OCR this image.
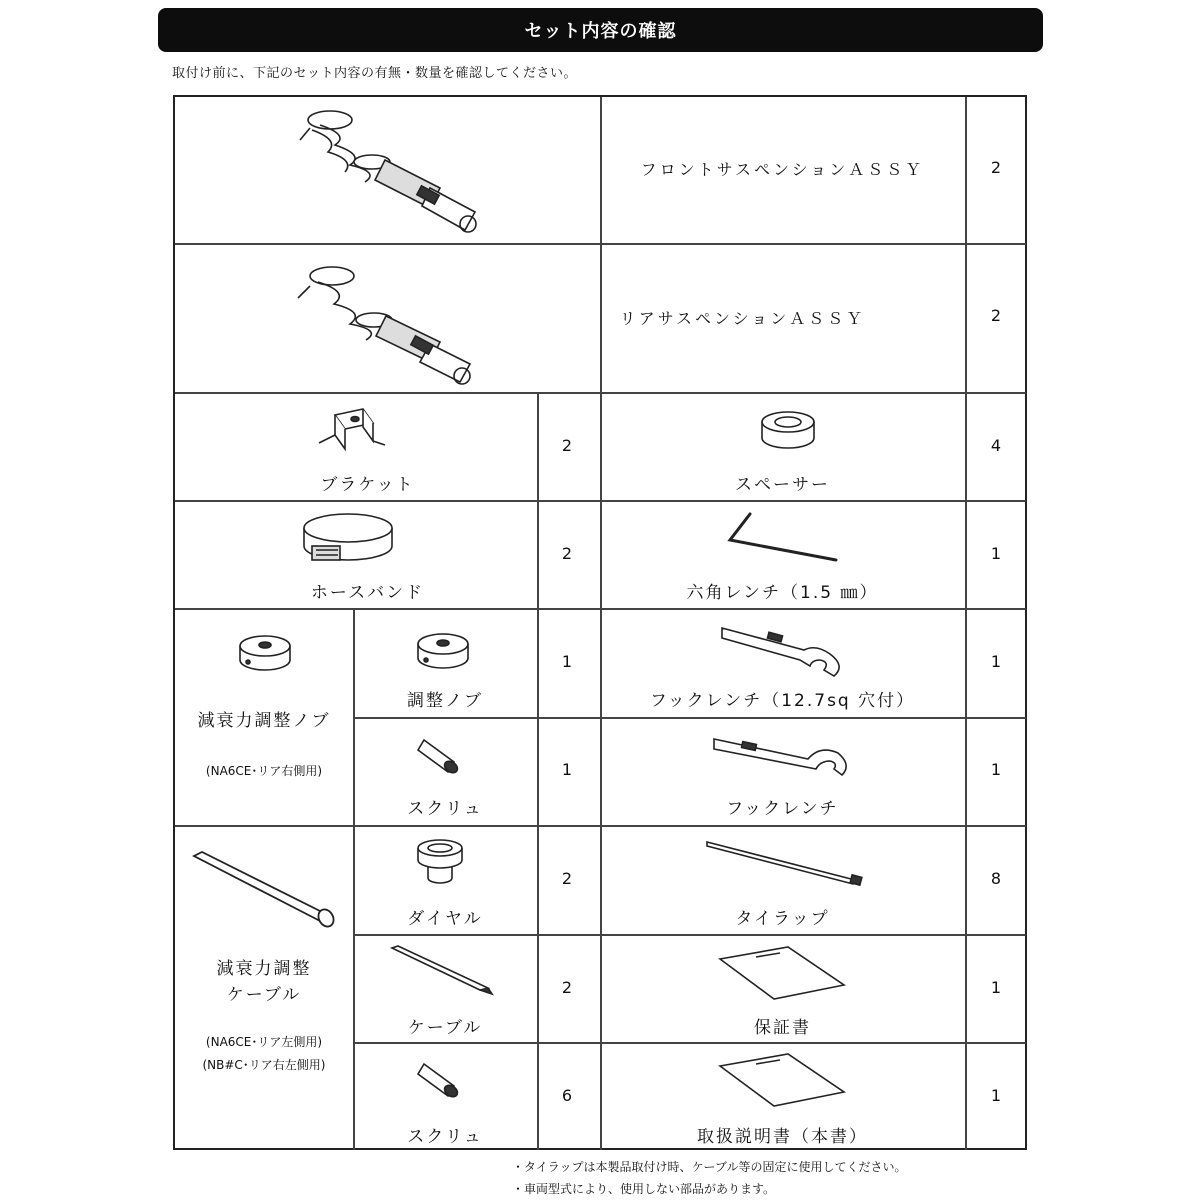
セット内容の確認
取付け前に、下記のセット内容の有無・数量を確認してください。
フロントサスペンションＡＳＳＹ	2
リアサスペンションＡＳＳＹ	2
ブラケット
2
スペーサー
4
ホースバンド
2
六角レンチ（1.5 ㎜）
1
減衰力調整ノブ
(NA6CE･リア右側用)
調整ノブ
1
フックレンチ（12.7sq 穴付）
1
スクリュ
1
フックレンチ
1
減衰力調整
ケーブル
(NA6CE･リア左側用)
(NB#C･リア右左側用)
ダイヤル
2
タイラップ
8
ケーブル
2
保証書
1
スクリュ
6
取扱説明書（本書）
1
・タイラップは本製品取付け時、ケーブル等の固定に使用してください。
・車両型式により、使用しない部品があります。
